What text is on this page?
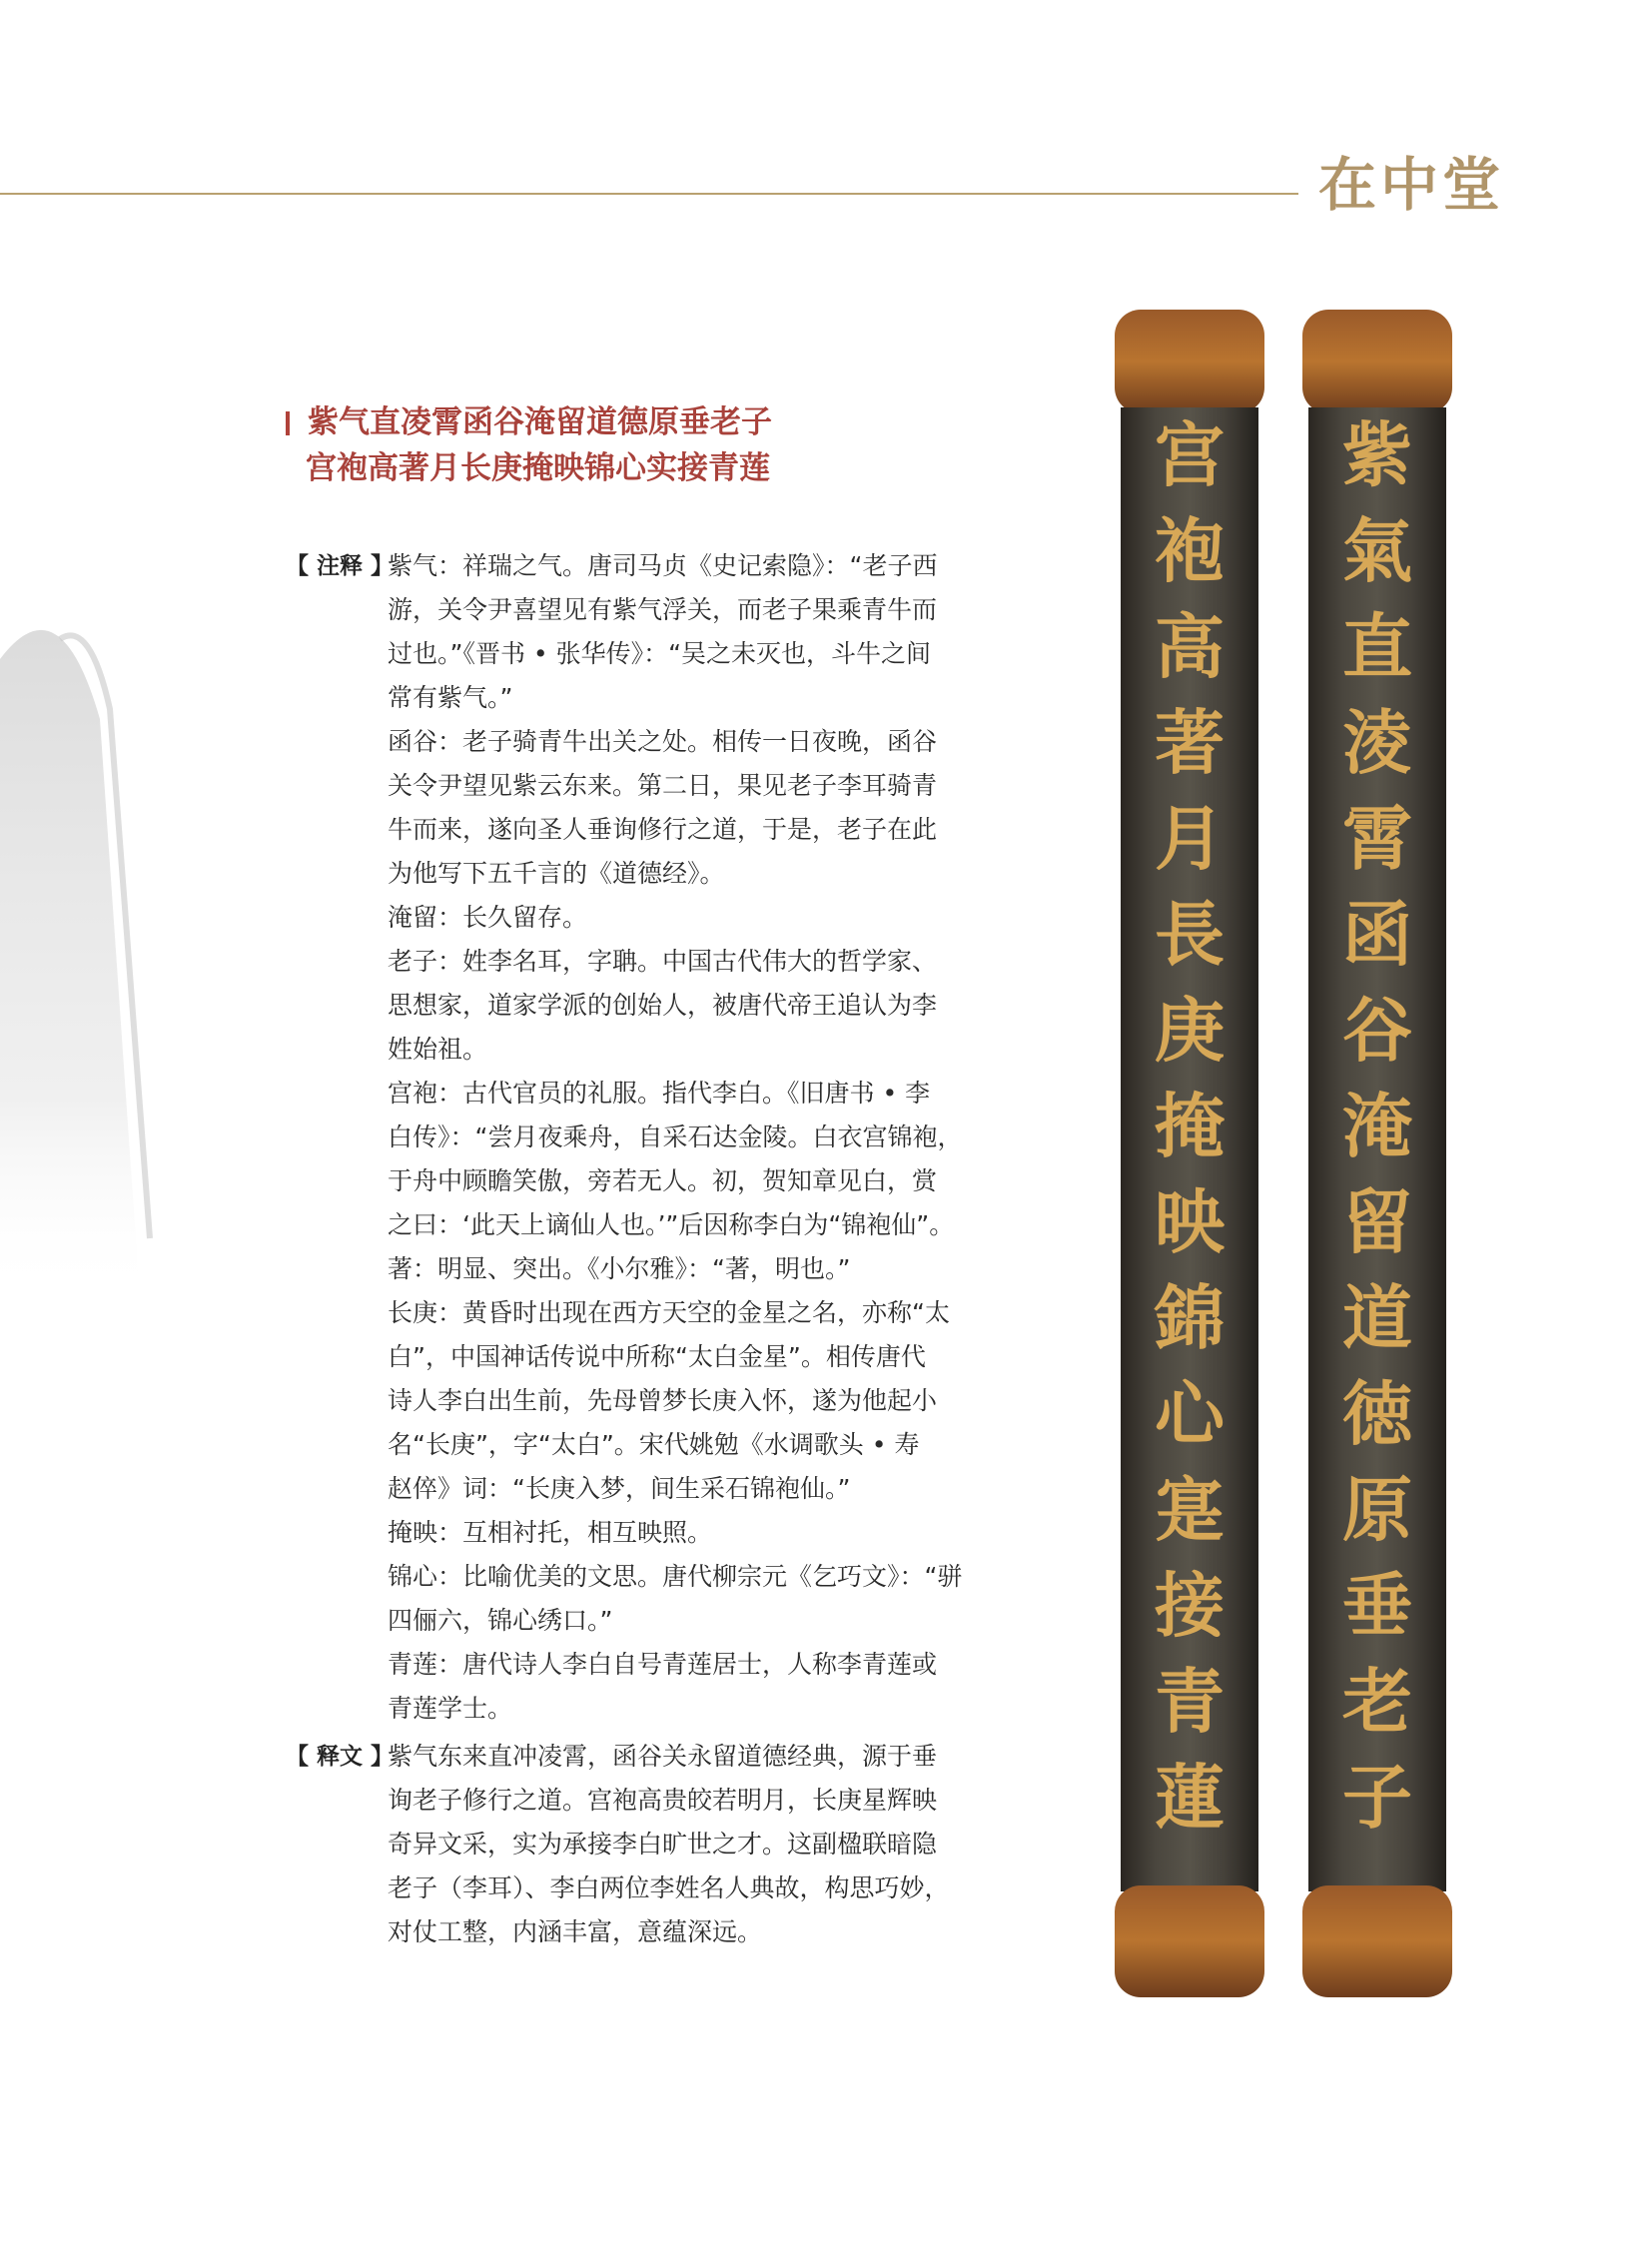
在中堂
紫气直凌霄函谷淹留道德原垂老子
宫袍高著月长庚掩映锦心实接青莲
【 注释 】

紫气：祥瑞之气。唐司马贞《史记索隐》：“老子西
游，关令尹喜望见有紫气浮关，而老子果乘青牛而
过也。”《晋书 • 张华传》：“吴之未灭也，斗牛之间
常有紫气。”

函谷：老子骑青牛出关之处。相传一日夜晚，函谷
关令尹望见紫云东来。第二日，果见老子李耳骑青
牛而来，遂向圣人垂询修行之道，于是，老子在此
为他写下五千言的《道德经》。

淹留：长久留存。

老子：姓李名耳，字聃。中国古代伟大的哲学家、
思想家，道家学派的创始人，被唐代帝王追认为李
姓始祖。

宫袍：古代官员的礼服。指代李白。《旧唐书 • 李
白传》：“尝月夜乘舟，自采石达金陵。白衣宫锦袍，
于舟中顾瞻笑傲，旁若无人。初，贺知章见白，赏
之曰：‘此天上谪仙人也。’”后因称李白为“锦袍仙”。

著：明显、突出。《小尔雅》：“著，明也。”

长庚：黄昏时出现在西方天空的金星之名，亦称“太
白”，中国神话传说中所称“太白金星”。相传唐代
诗人李白出生前，先母曾梦长庚入怀，遂为他起小
名“长庚”，字“太白”。宋代姚勉《水调歌头 • 寿
赵倅》词：“长庚入梦，间生采石锦袍仙。”

掩映：互相衬托，相互映照。

锦心：比喻优美的文思。唐代柳宗元《乞巧文》：“骈
四俪六，锦心绣口。”

青莲：唐代诗人李白自号青莲居士，人称李青莲或
青莲学士。

【 释文 】

紫气东来直冲凌霄，函谷关永留道德经典，源于垂
询老子修行之道。宫袍高贵皎若明月，长庚星辉映
奇异文采，实为承接李白旷世之才。这副楹联暗隐
老子（李耳）、李白两位李姓名人典故，构思巧妙，
对仗工整，内涵丰富，意蕴深远。

宫
袍
高
著
月
長
庚
掩
映
錦
心
寔
接
青
蓮
紫
氣
直
淩
霄
函
谷
淹
留
道
徳
原
垂
老
子
